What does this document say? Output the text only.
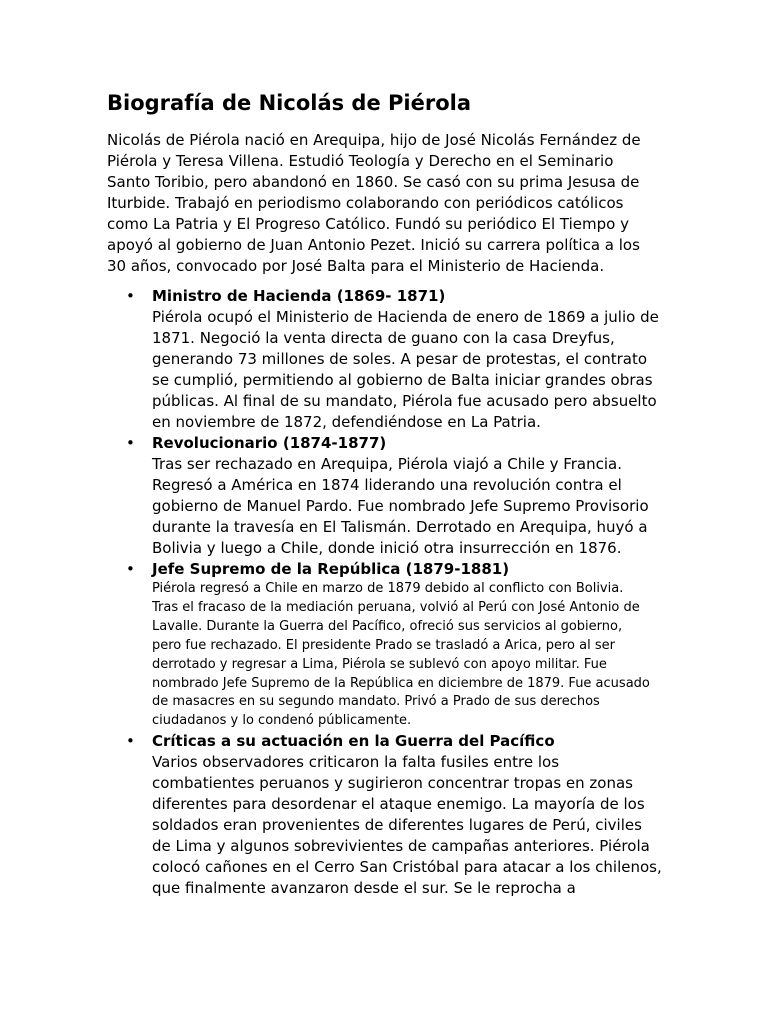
Biografía de Nicolás de Piérola

Nicolás de Piérola nació en Arequipa, hijo de José Nicolás Fernández de Piérola y Teresa Villena. Estudió Teología y Derecho en el Seminario Santo Toribio, pero abandonó en 1860. Se casó con su prima Jesusa de Iturbide. Trabajó en periodismo colaborando con periódicos católicos como La Patria y El Progreso Católico. Fundó su periódico El Tiempo y apoyó al gobierno de Juan Antonio Pezet. Inició su carrera política a los 30 años, convocado por José Balta para el Ministerio de Hacienda.

• Ministro de Hacienda (1869- 1871)
Piérola ocupó el Ministerio de Hacienda de enero de 1869 a julio de 1871. Negoció la venta directa de guano con la casa Dreyfus, generando 73 millones de soles. A pesar de protestas, el contrato se cumplió, permitiendo al gobierno de Balta iniciar grandes obras públicas. Al final de su mandato, Piérola fue acusado pero absuelto en noviembre de 1872, defendiéndose en La Patria.
• Revolucionario (1874-1877)
Tras ser rechazado en Arequipa, Piérola viajó a Chile y Francia. Regresó a América en 1874 liderando una revolución contra el gobierno de Manuel Pardo. Fue nombrado Jefe Supremo Provisorio durante la travesía en El Talismán. Derrotado en Arequipa, huyó a Bolivia y luego a Chile, donde inició otra insurrección en 1876.
• Jefe Supremo de la República (1879-1881)
Piérola regresó a Chile en marzo de 1879 debido al conflicto con Bolivia. Tras el fracaso de la mediación peruana, volvió al Perú con José Antonio de Lavalle. Durante la Guerra del Pacífico, ofreció sus servicios al gobierno, pero fue rechazado. El presidente Prado se trasladó a Arica, pero al ser derrotado y regresar a Lima, Piérola se sublevó con apoyo militar. Fue nombrado Jefe Supremo de la República en diciembre de 1879. Fue acusado de masacres en su segundo mandato. Privó a Prado de sus derechos ciudadanos y lo condenó públicamente.
• Críticas a su actuación en la Guerra del Pacífico
Varios observadores criticaron la falta fusiles entre los combatientes peruanos y sugirieron concentrar tropas en zonas diferentes para desordenar el ataque enemigo. La mayoría de los soldados eran provenientes de diferentes lugares de Perú, civiles de Lima y algunos sobrevivientes de campañas anteriores. Piérola colocó cañones en el Cerro San Cristóbal para atacar a los chilenos, que finalmente avanzaron desde el sur. Se le reprocha a
